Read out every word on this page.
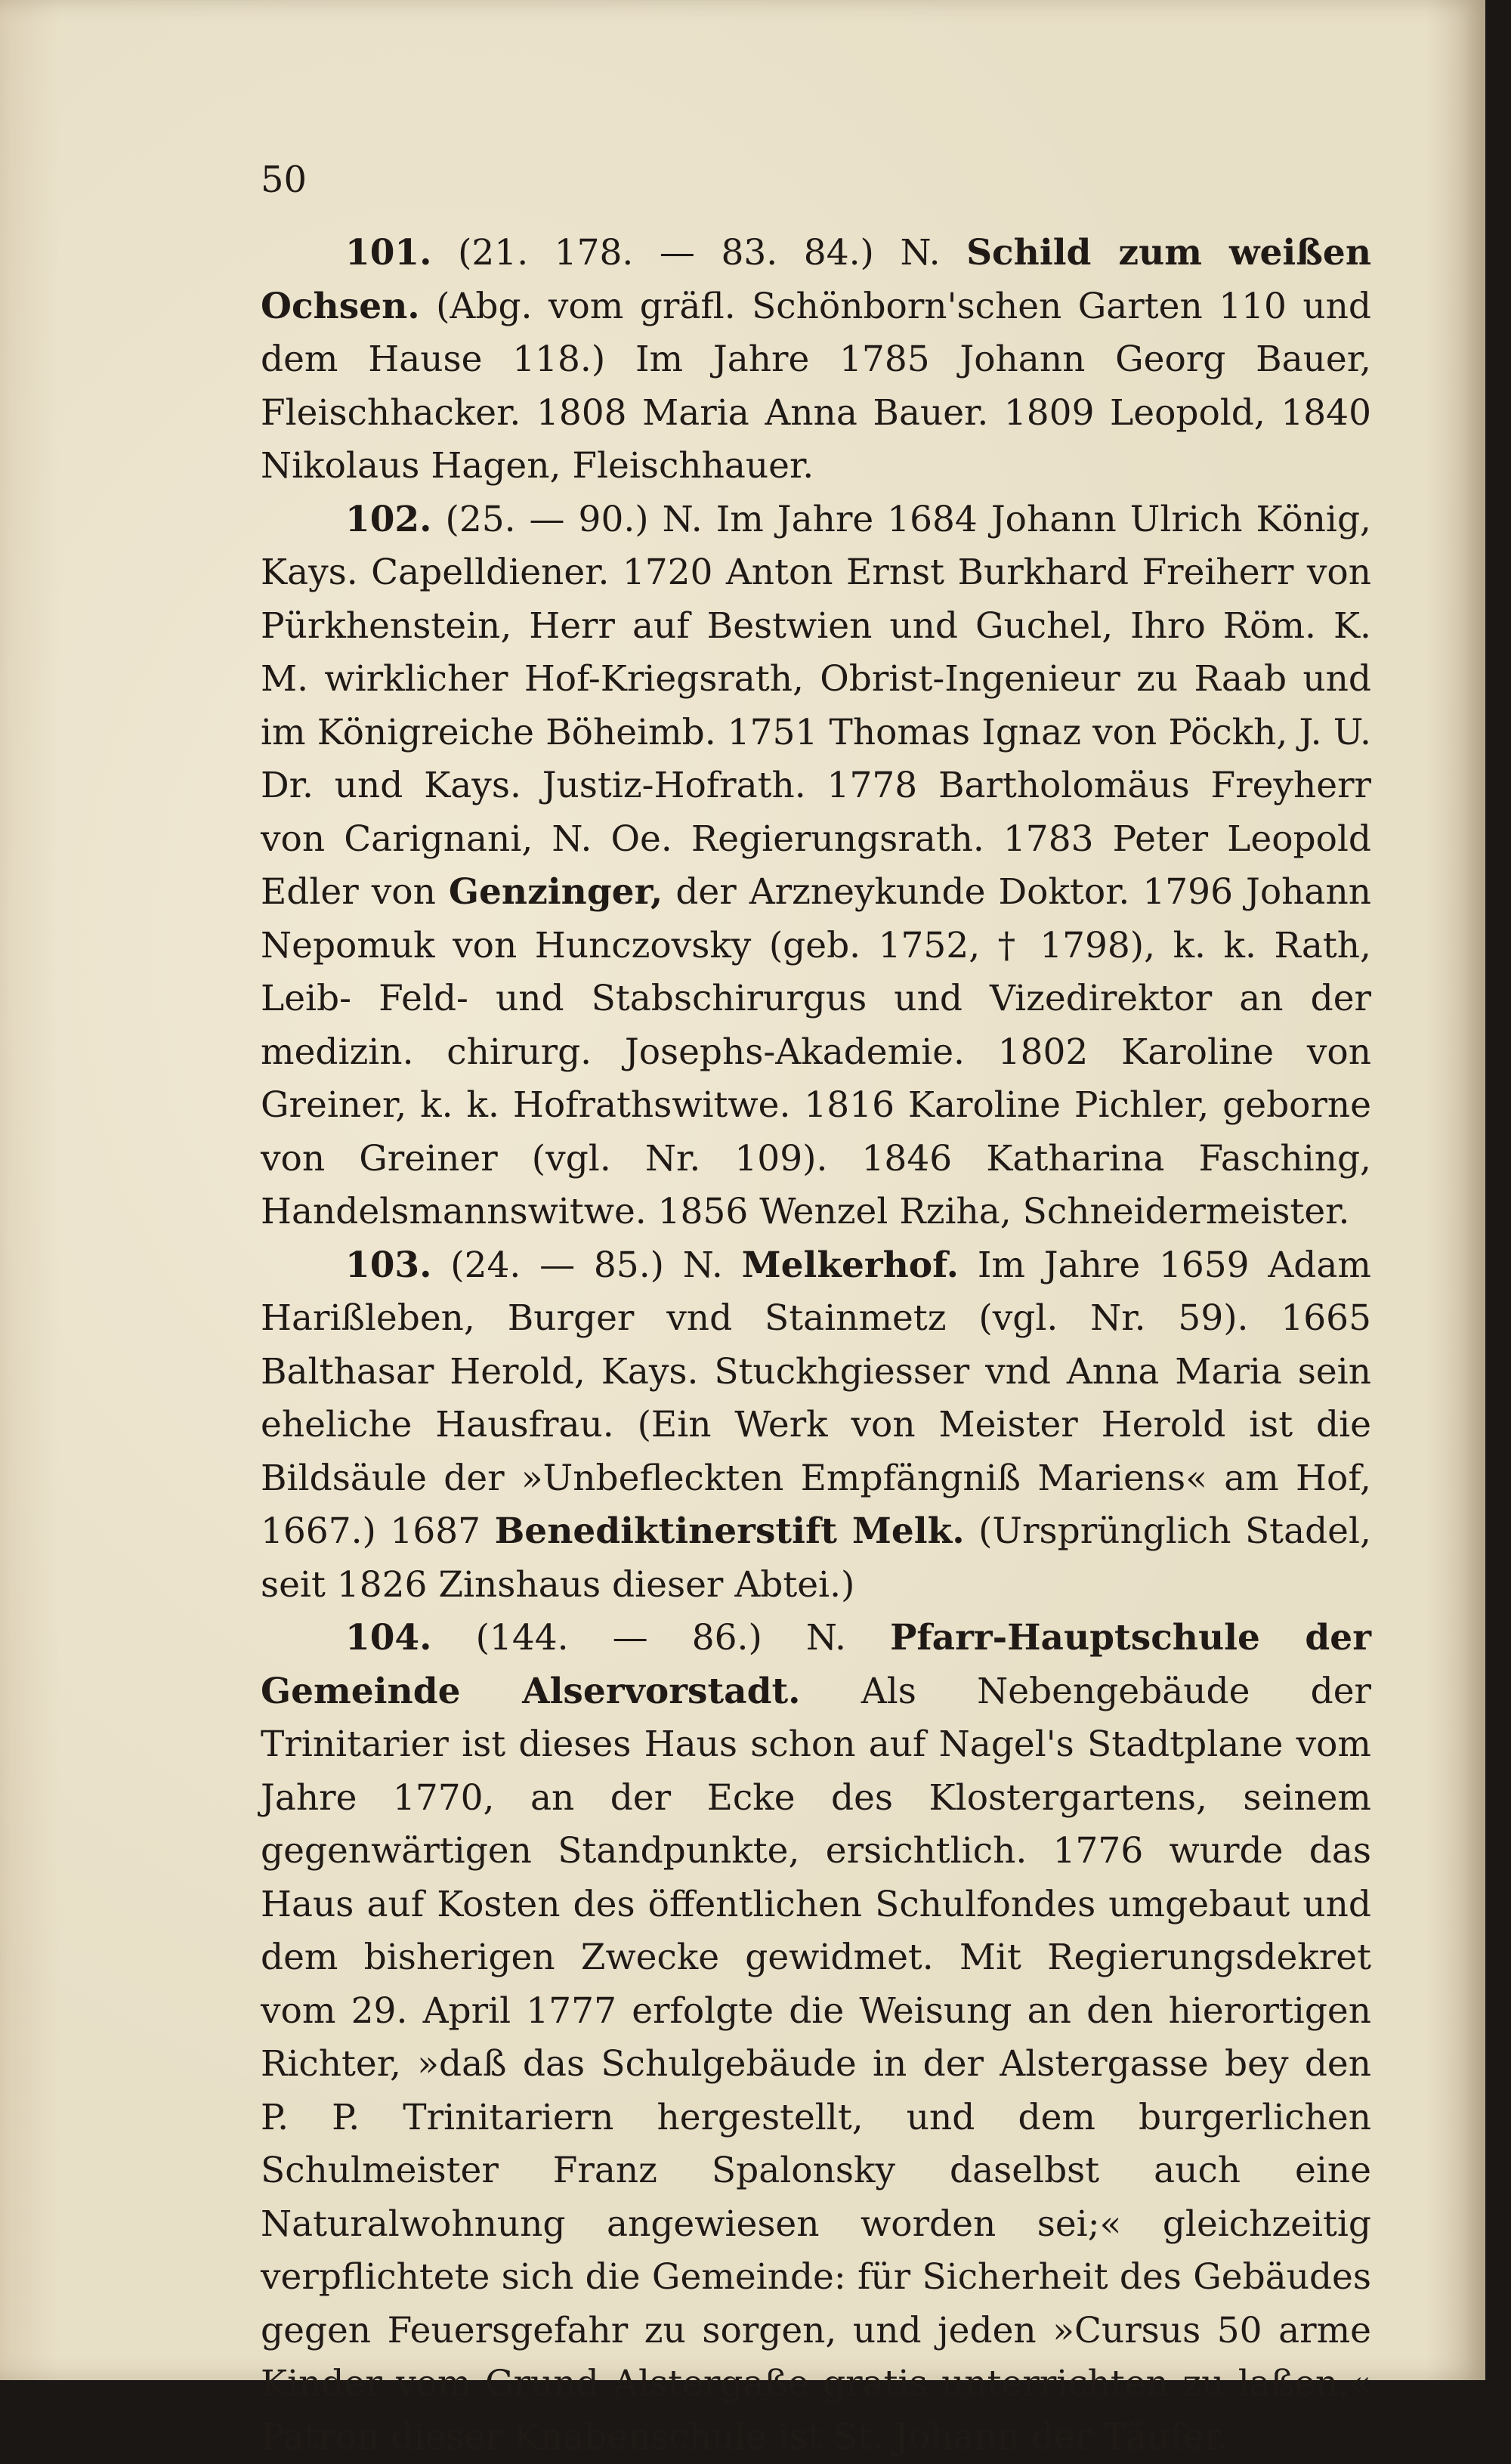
50

101. (21. 178. — 83. 84.) N. Schild zum weißen Ochsen. (Abg. vom gräfl. Schönborn'schen Garten 110 und dem Hause 118.) Im Jahre 1785 Johann Georg Bauer, Fleischhacker. 1808 Maria Anna Bauer. 1809 Leopold, 1840 Nikolaus Hagen, Fleischhauer.

102. (25. — 90.) N. Im Jahre 1684 Johann Ulrich König, Kays. Capelldiener. 1720 Anton Ernst Burkhard Freiherr von Pürkhenstein, Herr auf Bestwien und Guchel, Ihro Röm. K. M. wirklicher Hof-Kriegsrath, Obrist-Ingenieur zu Raab und im Königreiche Böheimb. 1751 Thomas Ignaz von Pöckh, J. U. Dr. und Kays. Justiz-Hofrath. 1778 Bartholomäus Freyherr von Carignani, N. Oe. Regierungsrath. 1783 Peter Leopold Edler von Genzinger, der Arzneykunde Doktor. 1796 Johann Nepomuk von Hunczovsky (geb. 1752, † 1798), k. k. Rath, Leib- Feld- und Stabschirurgus und Vizedirektor an der medizin. chirurg. Josephs-Akademie. 1802 Karoline von Greiner, k. k. Hofrathswitwe. 1816 Karoline Pichler, geborne von Greiner (vgl. Nr. 109). 1846 Katharina Fasching, Handelsmannswitwe. 1856 Wenzel Rziha, Schneidermeister.

103. (24. — 85.) N. Melkerhof. Im Jahre 1659 Adam Harißleben, Burger vnd Stainmetz (vgl. Nr. 59). 1665 Balthasar Herold, Kays. Stuckhgiesser vnd Anna Maria sein eheliche Hausfrau. (Ein Werk von Meister Herold ist die Bildsäule der »Unbefleckten Empfängniß Mariens« am Hof, 1667.) 1687 Benediktinerstift Melk. (Ursprünglich Stadel, seit 1826 Zinshaus dieser Abtei.)

104. (144. — 86.) N. Pfarr-Hauptschule der Gemeinde Alservorstadt. Als Nebengebäude der Trinitarier ist dieses Haus schon auf Nagel's Stadtplane vom Jahre 1770, an der Ecke des Klostergartens, seinem gegenwärtigen Standpunkte, ersichtlich. 1776 wurde das Haus auf Kosten des öffentlichen Schulfondes umgebaut und dem bisherigen Zwecke gewidmet. Mit Regierungsdekret vom 29. April 1777 erfolgte die Weisung an den hierortigen Richter, »daß das Schulgebäude in der Alstergasse bey den P. P. Trinitariern hergestellt, und dem burgerlichen Schulmeister Franz Spalonsky daselbst auch eine Naturalwohnung angewiesen worden sei;« gleichzeitig verpflichtete sich die Gemeinde: für Sicherheit des Gebäudes gegen Feuersgefahr zu sorgen, und jeden »Cursus 50 arme Kinder vom Grund Alstergaße gratis unterrichten zu laßen.« Patron dieser Knabenschule ist St. Johann der Täufer.
